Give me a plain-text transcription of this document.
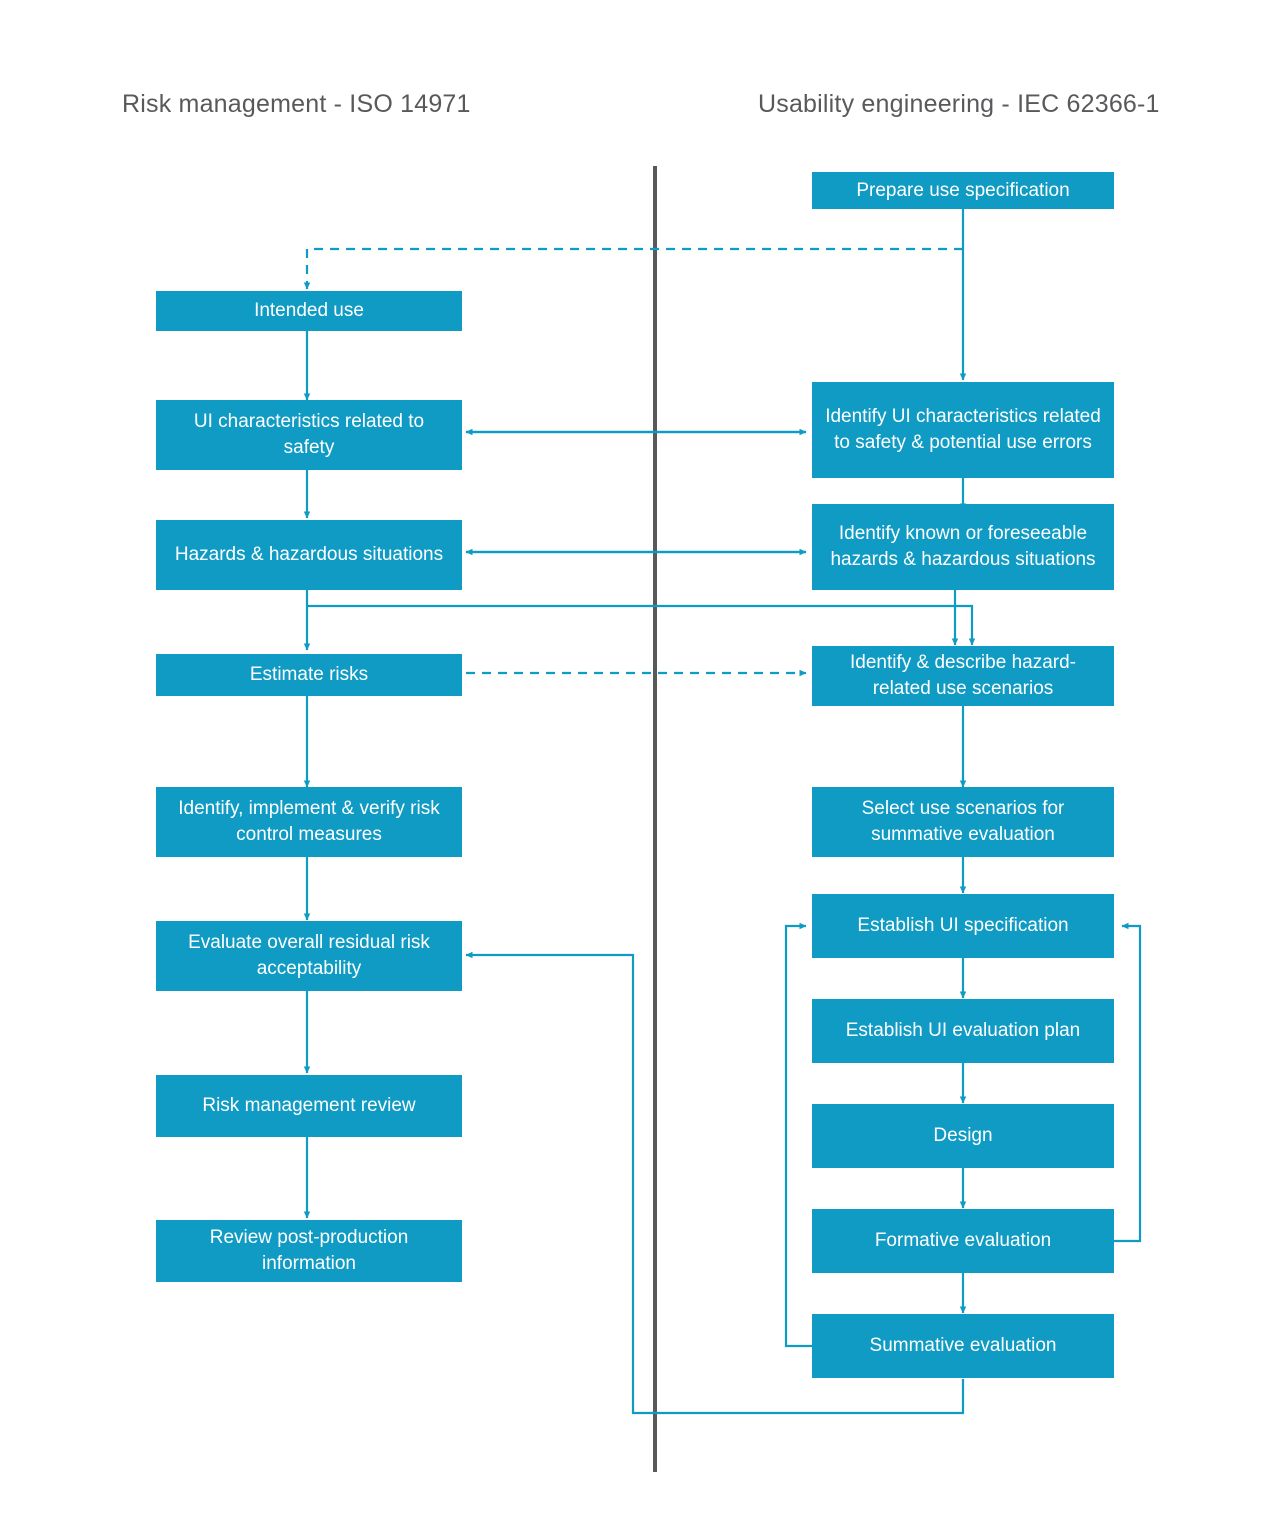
Risk management - ISO 14971	Usability engineering - IEC 62366-1
Intended use
UI characteristics related to safety
Hazards & hazardous situations
Estimate risks
Identify, implement & verify risk control measures
Evaluate overall residual risk acceptability
Risk management review
Review post-production information
Prepare use specification
Identify UI characteristics related to safety & potential use errors
Identify known or foreseeable hazards & hazardous situations
Identify & describe hazard-related use scenarios
Select use scenarios for summative evaluation
Establish UI specification
Establish UI evaluation plan
Design
Formative evaluation
Summative evaluation
